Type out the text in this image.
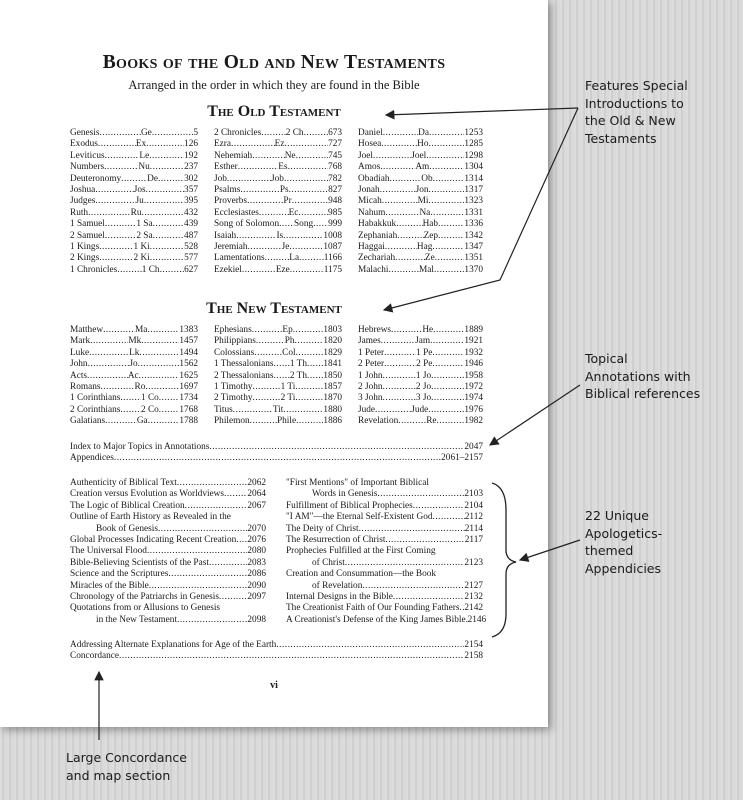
Books of the Old and New Testaments
Arranged in the order in which they are found in the Bible
The Old Testament
Genesis .....	Ge .....	5
Exodus .....	Ex .....	126
Leviticus .....	Le .....	192
Numbers .....	Nu .....	237
Deuteronomy .....	De .....	302
Joshua .....	Jos .....	357
Judges .....	Ju .....	395
Ruth .....	Ru .....	432
1 Samuel .....	1 Sa .....	439
2 Samuel .....	2 Sa .....	487
1 Kings .....	1 Ki .....	528
2 Kings .....	2 Ki .....	577
1 Chronicles .....	1 Ch .....	627
2 Chronicles .....	2 Ch .....	673
Ezra .....	Ez .....	727
Nehemiah .....	Ne .....	745
Esther .....	Es .....	768
Job .....	Job .....	782
Psalms .....	Ps .....	827
Proverbs .....	Pr .....	948
Ecclesiastes .....	Ec .....	985
Song of Solomon ..... Song ..... 999
Isaiah .....	Is .....	1008
Jeremiah .....	Je .....	1087
Lamentations .....	La .....	1166
Ezekiel .....	Eze .....	1175
Daniel .....	Da .....	1253
Hosea .....	Ho .....	1285
Joel .....	Joel .....	1298
Amos .....	Am .....	1304
Obadiah .....	Ob .....	1314
Jonah .....	Jon .....	1317
Micah .....	Mi .....	1323
Nahum .....	Na .....	1331
Habakkuk .....	Hab .....	1336
Zephaniah .....	Zep .....	1342
Haggai .....	Hag .....	1347
Zechariah .....	Ze .....	1351
Malachi .....	Mal .....	1370
The New Testament
Matthew .....	Ma .....	1383
Mark .....	Mk .....	1457
Luke .....	Lk .....	1494
John .....	Jo .....	1562
Acts .....	Ac .....	1625
Romans .....	Ro .....	1697
1 Corinthians ..... 1 Co ..... 1734
2 Corinthians ..... 2 Co ..... 1768
Galatians .....	Ga .....	1788
Ephesians .....	Ep .....	1803
Philippians .....	Ph .....	1820
Colossians .....	Col .....	1829
1 Thessalonians ..... 1 Th ..... 1841
2 Thessalonians ..... 2 Th ..... 1850
1 Timothy .....	1 Ti .....	1857
2 Timothy .....	2 Ti .....	1870
Titus .....	Tit .....	1880
Philemon .....	Phile .....	1886
Hebrews .....	He .....	1889
James .....	Jam .....	1921
1 Peter .....	1 Pe .....	1932
2 Peter .....	2 Pe .....	1946
1 John .....	1 Jo .....	1958
2 John .....	2 Jo .....	1972
3 John .....	3 Jo .....	1974
Jude .....	Jude .....	1976
Revelation .....	Re .....	1982
Index to Major Topics in Annotations .....	2047
Appendices .....	2061–2157
Authenticity of Biblical Text .....	2062
Creation versus Evolution as Worldviews .....	2064
The Logic of Biblical Creation .....	2067
Outline of Earth History as Revealed in the
Book of Genesis .....	2070
Global Processes Indicating Recent Creation ..... 2076
The Universal Flood .....	2080
Bible-Believing Scientists of the Past .....	2083
Science and the Scriptures .....	2086
Miracles of the Bible .....	2090
Chronology of the Patriarchs in Genesis .....	2097
Quotations from or Allusions to Genesis
in the New Testament .....	2098
"First Mentions" of Important Biblical
Words in Genesis .....	2103
Fulfillment of Biblical Prophecies .....	2104
"I AM"—the Eternal Self-Existent God .....	2112
The Deity of Christ .....	2114
The Resurrection of Christ .....	2117
Prophecies Fulfilled at the First Coming
of Christ .....	2123
Creation and Consummation—the Book
of Revelation .....	2127
Internal Designs in the Bible .....	2132
The Creationist Faith of Our Founding Fathers ..... 2142
A Creationist's Defense of the King James Bible ..... 2146
Addressing Alternate Explanations for Age of the Earth .....	2154
Concordance .....	2158
vi
Features Special
Introductions to
the Old & New
Testaments
Topical
Annotations with
Biblical references
22 Unique
Apologetics-
themed
Appendicies
Large Concordance
and map section
